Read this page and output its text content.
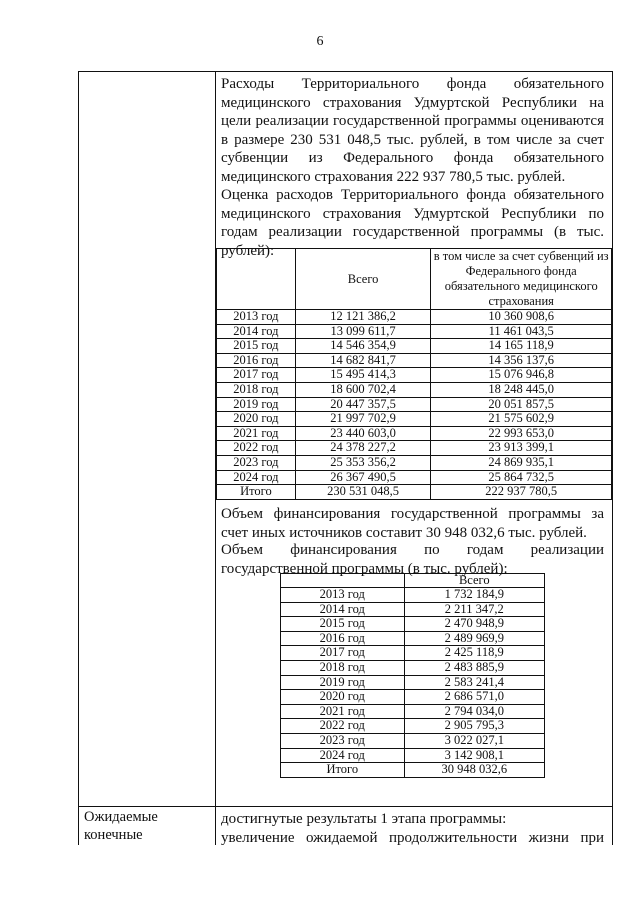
6
Ожидаемые
конечные
Расходы Территориального фонда обязательного
медицинского страхования Удмуртской Республики на
цели реализации государственной программы оцениваются
в размере 230 531 048,5 тыс. рублей, в том числе за счет
субвенции из Федерального фонда обязательного
медицинского страхования 222 937 780,5 тыс. рублей.
Оценка расходов Территориального фонда обязательного
медицинского страхования Удмуртской Республики по
годам реализации государственной программы (в тыс.
рублей):
	Всего	в том числе за счет субвенций из Федерального фонда обязательного медицинского страхования
2013 год	12 121 386,2	10 360 908,6
2014 год	13 099 611,7	11 461 043,5
2015 год	14 546 354,9	14 165 118,9
2016 год	14 682 841,7	14 356 137,6
2017 год	15 495 414,3	15 076 946,8
2018 год	18 600 702,4	18 248 445,0
2019 год	20 447 357,5	20 051 857,5
2020 год	21 997 702,9	21 575 602,9
2021 год	23 440 603,0	22 993 653,0
2022 год	24 378 227,2	23 913 399,1
2023 год	25 353 356,2	24 869 935,1
2024 год	26 367 490,5	25 864 732,5
Итого	230 531 048,5	222 937 780,5
Объем финансирования государственной программы за
счет иных источников составит 30 948 032,6 тыс. рублей.
Объем финансирования по годам реализации
государственной программы (в тыс. рублей):
	Всего
2013 год	1 732 184,9
2014 год	2 211 347,2
2015 год	2 470 948,9
2016 год	2 489 969,9
2017 год	2 425 118,9
2018 год	2 483 885,9
2019 год	2 583 241,4
2020 год	2 686 571,0
2021 год	2 794 034,0
2022 год	2 905 795,3
2023 год	3 022 027,1
2024 год	3 142 908,1
Итого	30 948 032,6
достигнутые результаты 1 этапа программы:
увеличение ожидаемой продолжительности жизни при
